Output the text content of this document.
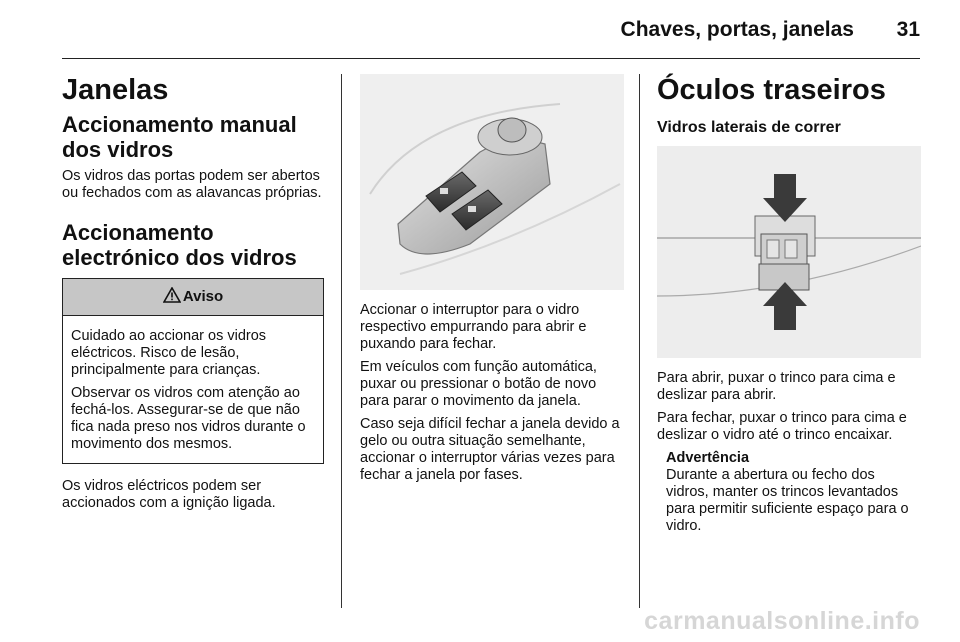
Chaves, portas, janelas 31
Janelas
Accionamento manual dos vidros

Os vidros das portas podem ser abertos ou fechados com as alavancas próprias.

Accionamento electrónico dos vidros
Aviso

Cuidado ao accionar os vidros eléctricos. Risco de lesão, principalmente para crianças.

Observar os vidros com atenção ao fechá-los. Assegurar-se de que não fica nada preso nos vidros durante o movimento dos mesmos.

Os vidros eléctricos podem ser accionados com a ignição ligada.

Accionar o interruptor para o vidro respectivo empurrando para abrir e puxando para fechar.

Em veículos com função automática, puxar ou pressionar o botão de novo para parar o movimento da janela.

Caso seja difícil fechar a janela devido a gelo ou outra situação semelhante, accionar o interruptor várias vezes para fechar a janela por fases.

Óculos traseiros
Vidros laterais de correr

Para abrir, puxar o trinco para cima e deslizar para abrir.

Para fechar, puxar o trinco para cima e deslizar o vidro até o trinco encaixar.

Advertência

Durante a abertura ou fecho dos vidros, manter os trincos levantados para permitir suficiente espaço para o vidro.

carmanualsonline.info
